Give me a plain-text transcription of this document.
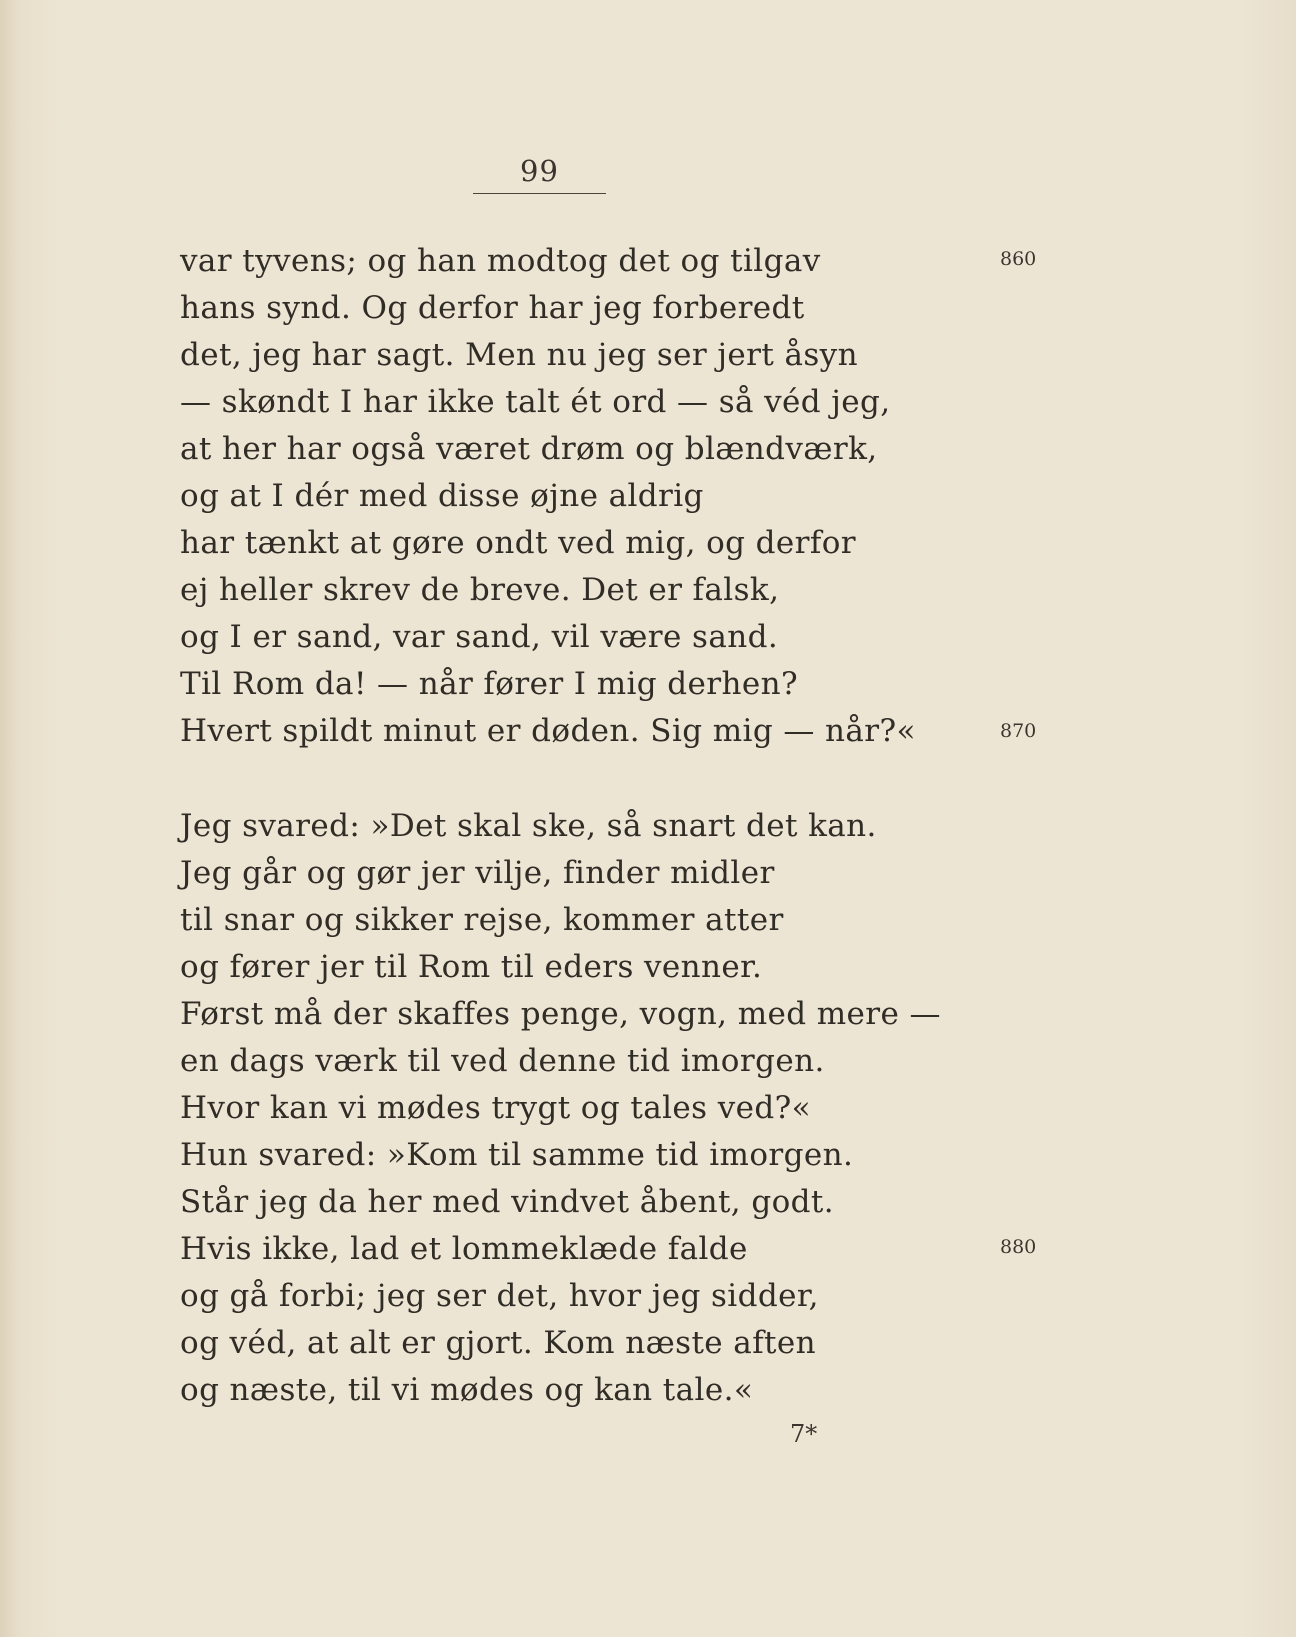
99
var tyvens; og han modtog det og tilgav
hans synd. Og derfor har jeg forberedt
det, jeg har sagt. Men nu jeg ser jert åsyn
— skøndt I har ikke talt ét ord — så véd jeg,
at her har også været drøm og blændværk,
og at I dér med disse øjne aldrig
har tænkt at gøre ondt ved mig, og derfor
ej heller skrev de breve. Det er falsk,
og I er sand, var sand, vil være sand.
Til Rom da! — når fører I mig derhen?
Hvert spildt minut er døden. Sig mig — når?«
Jeg svared: »Det skal ske, så snart det kan.
Jeg går og gør jer vilje, finder midler
til snar og sikker rejse, kommer atter
og fører jer til Rom til eders venner.
Først må der skaffes penge, vogn, med mere —
en dags værk til ved denne tid imorgen.
Hvor kan vi mødes trygt og tales ved?«
Hun svared: »Kom til samme tid imorgen.
Står jeg da her med vindvet åbent, godt.
Hvis ikke, lad et lommeklæde falde
og gå forbi; jeg ser det, hvor jeg sidder,
og véd, at alt er gjort. Kom næste aften
og næste, til vi mødes og kan tale.«
860
870
880
7*
